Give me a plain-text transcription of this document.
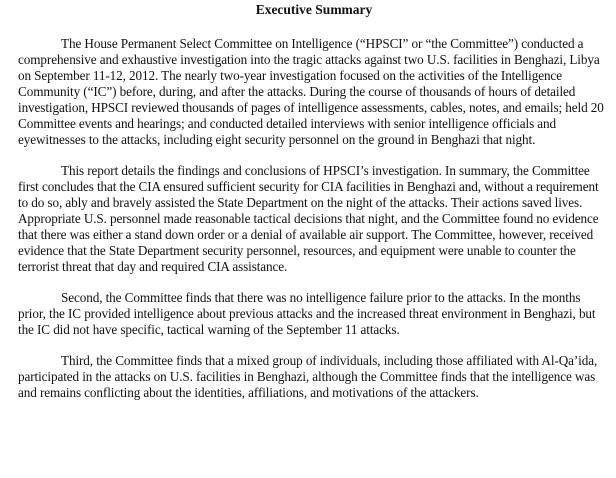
Executive Summary

The House Permanent Select Committee on Intelligence (“HPSCI” or “the Committee”) conducted a comprehensive and exhaustive investigation into the tragic attacks against two U.S. facilities in Benghazi, Libya on September 11-12, 2012. The nearly two-year investigation focused on the activities of the Intelligence Community (“IC”) before, during, and after the attacks. During the course of thousands of hours of detailed investigation, HPSCI reviewed thousands of pages of intelligence assessments, cables, notes, and emails; held 20 Committee events and hearings; and conducted detailed interviews with senior intelligence officials and eyewitnesses to the attacks, including eight security personnel on the ground in Benghazi that night.

This report details the findings and conclusions of HPSCI’s investigation. In summary, the Committee first concludes that the CIA ensured sufficient security for CIA facilities in Benghazi and, without a requirement to do so, ably and bravely assisted the State Department on the night of the attacks. Their actions saved lives. Appropriate U.S. personnel made reasonable tactical decisions that night, and the Committee found no evidence that there was either a stand down order or a denial of available air support. The Committee, however, received evidence that the State Department security personnel, resources, and equipment were unable to counter the terrorist threat that day and required CIA assistance.

Second, the Committee finds that there was no intelligence failure prior to the attacks. In the months prior, the IC provided intelligence about previous attacks and the increased threat environment in Benghazi, but the IC did not have specific, tactical warning of the September 11 attacks.

Third, the Committee finds that a mixed group of individuals, including those affiliated with Al-Qa’ida, participated in the attacks on U.S. facilities in Benghazi, although the Committee finds that the intelligence was and remains conflicting about the identities, affiliations, and motivations of the attackers.
